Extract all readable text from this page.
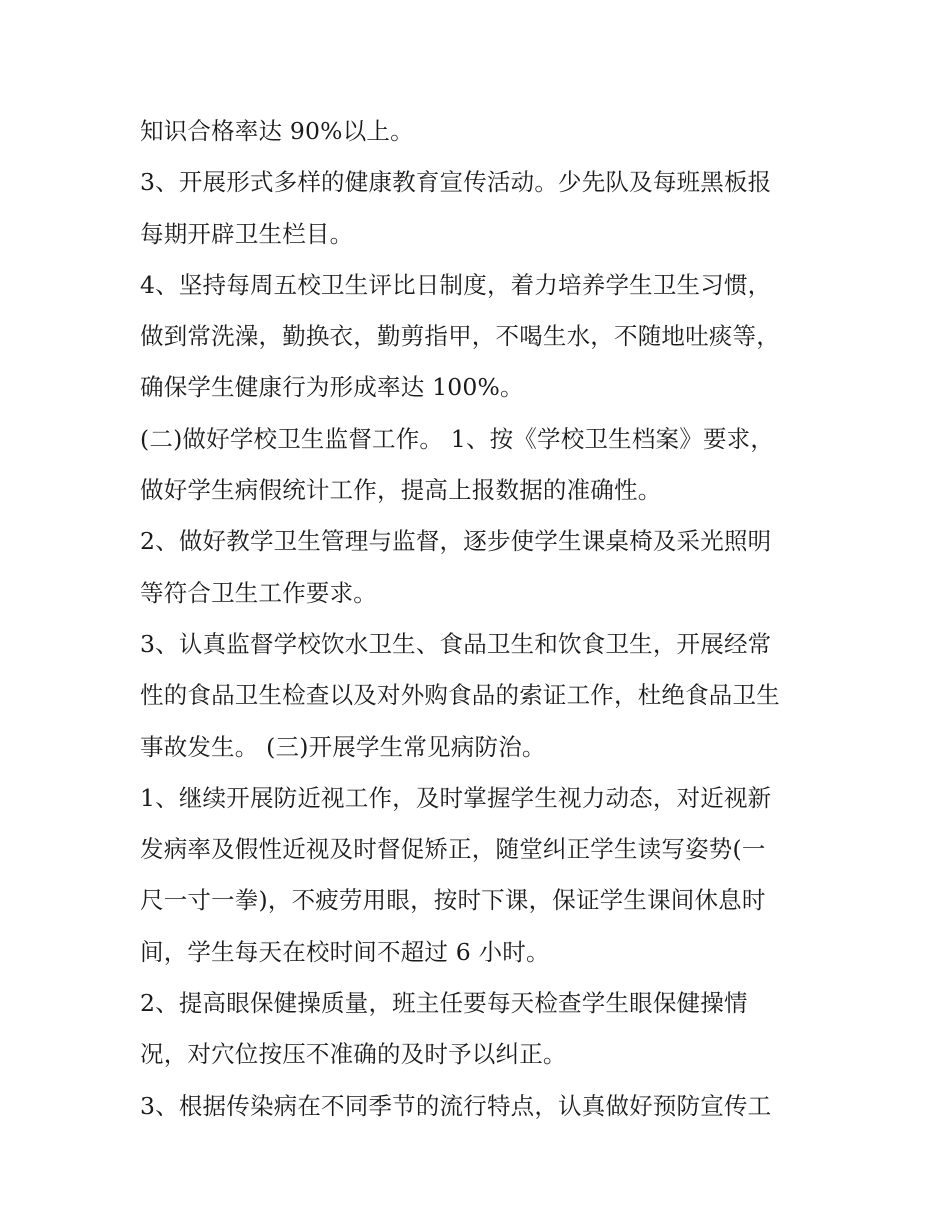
知识合格率达 90%以上。
3、开展形式多样的健康教育宣传活动。少先队及每班黑板报
每期开辟卫生栏目。
4、坚持每周五校卫生评比日制度，着力培养学生卫生习惯，
做到常洗澡，勤换衣，勤剪指甲，不喝生水，不随地吐痰等，
确保学生健康行为形成率达 100%。
(二)做好学校卫生监督工作。 1、按《学校卫生档案》要求，
做好学生病假统计工作，提高上报数据的准确性。
2、做好教学卫生管理与监督，逐步使学生课桌椅及采光照明
等符合卫生工作要求。
3、认真监督学校饮水卫生、食品卫生和饮食卫生，开展经常
性的食品卫生检查以及对外购食品的索证工作，杜绝食品卫生
事故发生。 (三)开展学生常见病防治。
1、继续开展防近视工作，及时掌握学生视力动态，对近视新
发病率及假性近视及时督促矫正，随堂纠正学生读写姿势(一
尺一寸一拳)，不疲劳用眼，按时下课，保证学生课间休息时
间，学生每天在校时间不超过 6 小时。
2、提高眼保健操质量，班主任要每天检查学生眼保健操情
况，对穴位按压不准确的及时予以纠正。
3、根据传染病在不同季节的流行特点，认真做好预防宣传工
